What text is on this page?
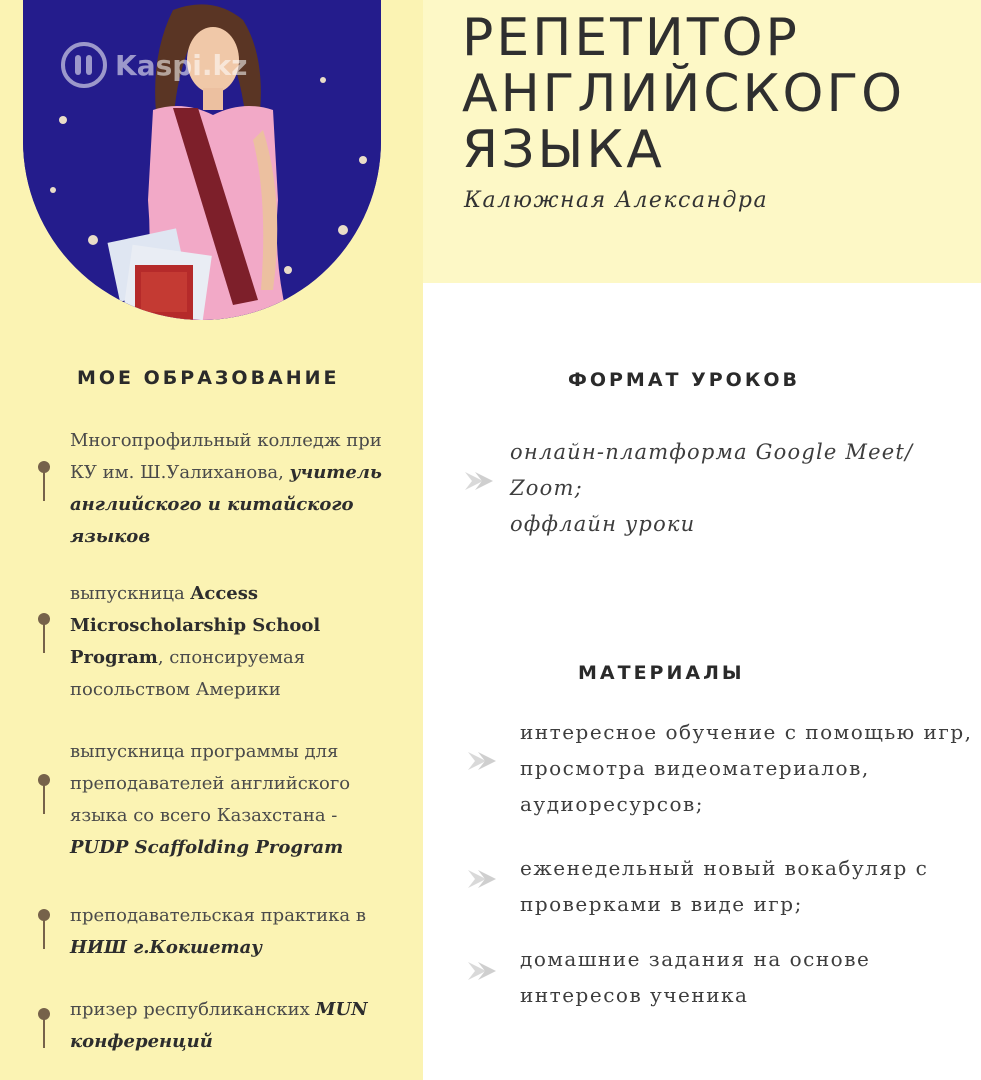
Kaspi.kz	РЕПЕТИТОР
АНГЛИЙСКОГО
ЯЗЫКА
Калюжная Александра
МОЕ ОБРАЗОВАНИЕ
Многопрофильный колледж при КУ им. Ш.Уалиханова, учитель английского и китайского языков
выпускница Access Microscholarship School Program, спонсируемая посольством Америки
выпускница программы для преподавателей английского языка со всего Казахстана - PUDP Scaffolding Program
преподавательская практика в НИШ г.Кокшетау
призер республиканских MUN конференций
ФОРМАТ УРОКОВ
онлайн-платформа Google Meet/ Zoom;
оффлайн уроки
МАТЕРИАЛЫ
интересное обучение с помощью игр, просмотра видеоматериалов, аудиоресурсов;
еженедельный новый вокабуляр с проверками в виде игр;
домашние задания на основе интересов ученика
